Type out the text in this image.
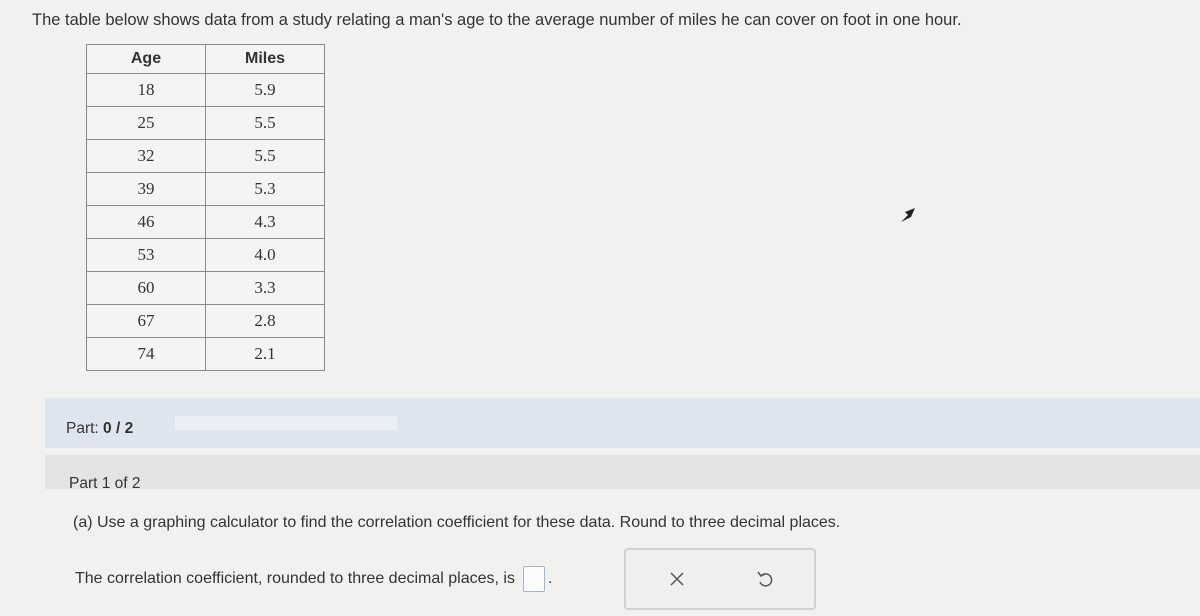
The table below shows data from a study relating a man's age to the average number of miles he can cover on foot in one hour.
Age	Miles
18	5.9
25	5.5
32	5.5
39	5.3
46	4.3
53	4.0
60	3.3
67	2.8
74	2.1
Part: 0 / 2
Part 1 of 2
(a) Use a graphing calculator to find the correlation coefficient for these data. Round to three decimal places.
The correlation coefficient, rounded to three decimal places, is .
